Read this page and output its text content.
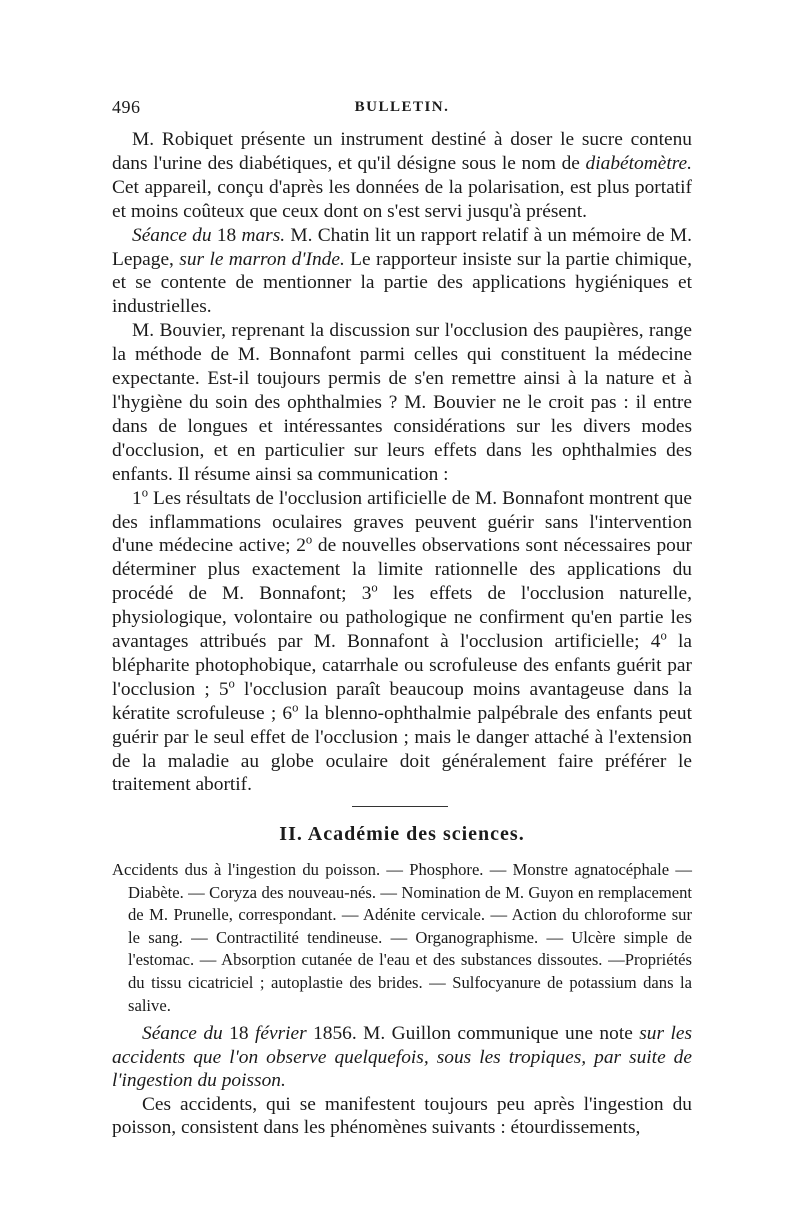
496	BULLETIN.

M. Robiquet présente un instrument destiné à doser le sucre contenu dans l'urine des diabétiques, et qu'il désigne sous le nom de diabétomètre. Cet appareil, conçu d'après les données de la polarisation, est plus portatif et moins coûteux que ceux dont on s'est servi jusqu'à présent.

Séance du 18 mars. M. Chatin lit un rapport relatif à un mémoire de M. Lepage, sur le marron d'Inde. Le rapporteur insiste sur la partie chimique, et se contente de mentionner la partie des applications hygiéniques et industrielles.

M. Bouvier, reprenant la discussion sur l'occlusion des paupières, range la méthode de M. Bonnafont parmi celles qui constituent la médecine expectante. Est-il toujours permis de s'en remettre ainsi à la nature et à l'hygiène du soin des ophthalmies ? M. Bouvier ne le croit pas : il entre dans de longues et intéressantes considérations sur les divers modes d'occlusion, et en particulier sur leurs effets dans les ophthalmies des enfants. Il résume ainsi sa communication :

1$^o$ Les résultats de l'occlusion artificielle de M. Bonnafont montrent que des inflammations oculaires graves peuvent guérir sans l'intervention d'une médecine active; 2$^o$ de nouvelles observations sont nécessaires pour déterminer plus exactement la limite rationnelle des applications du procédé de M. Bonnafont; 3$^o$ les effets de l'occlusion naturelle, physiologique, volontaire ou pathologique ne confirment qu'en partie les avantages attribués par M. Bonnafont à l'occlusion artificielle; 4$^o$ la blépharite photophobique, catarrhale ou scrofuleuse des enfants guérit par l'occlusion ; 5$^o$ l'occlusion paraît beaucoup moins avantageuse dans la kératite scrofuleuse ; 6$^o$ la blenno-ophthalmie palpébrale des enfants peut guérir par le seul effet de l'occlusion ; mais le danger attaché à l'extension de la maladie au globe oculaire doit généralement faire préférer le traitement abortif.

II. Académie des sciences.

Accidents dus à l'ingestion du poisson. — Phosphore. — Monstre agnatocéphale — Diabète. — Coryza des nouveau-nés. — Nomination de M. Guyon en remplacement de M. Prunelle, correspondant. — Adénite cervicale. — Action du chloroforme sur le sang. — Contractilité tendineuse. — Organographisme. — Ulcère simple de l'estomac. — Absorption cutanée de l'eau et des substances dissoutes. —Propriétés du tissu cicatriciel ; autoplastie des brides. — Sulfocyanure de potassium dans la salive.

Séance du 18 février 1856. M. Guillon communique une note sur les accidents que l'on observe quelquefois, sous les tropiques, par suite de l'ingestion du poisson.

Ces accidents, qui se manifestent toujours peu après l'ingestion du poisson, consistent dans les phénomènes suivants : étourdissements,
